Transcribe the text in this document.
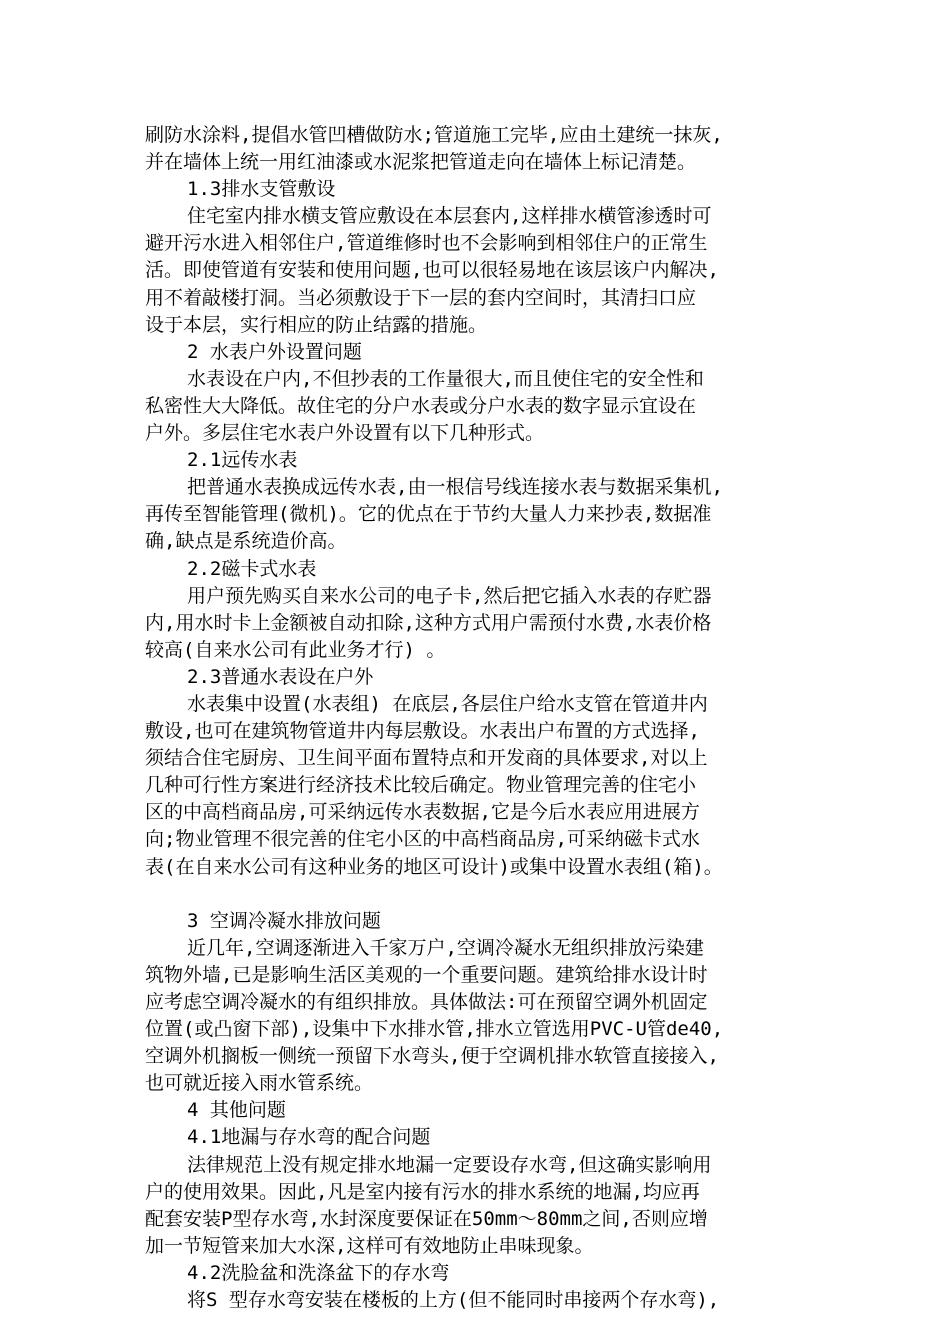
刷防水涂料,提倡水管凹槽做防水;管道施工完毕,应由土建统一抹灰,
并在墙体上统一用红油漆或水泥浆把管道走向在墙体上标记清楚。
1.3排水支管敷设
住宅室内排水横支管应敷设在本层套内,这样排水横管渗透时可
避开污水进入相邻住户,管道维修时也不会影响到相邻住户的正常生
活。即使管道有安装和使用问题,也可以很轻易地在该层该户内解决,
用不着敲楼打洞。当必须敷设于下一层的套内空间时，其清扫口应
设于本层，实行相应的防止结露的措施。
2 水表户外设置问题
水表设在户内,不但抄表的工作量很大,而且使住宅的安全性和
私密性大大降低。故住宅的分户水表或分户水表的数字显示宜设在
户外。多层住宅水表户外设置有以下几种形式。
2.1远传水表
把普通水表换成远传水表,由一根信号线连接水表与数据采集机,
再传至智能管理(微机)。它的优点在于节约大量人力来抄表,数据准
确,缺点是系统造价高。
2.2磁卡式水表
用户预先购买自来水公司的电子卡,然后把它插入水表的存贮器
内,用水时卡上金额被自动扣除,这种方式用户需预付水费,水表价格
较高(自来水公司有此业务才行) 。
2.3普通水表设在户外
水表集中设置(水表组) 在底层,各层住户给水支管在管道井内
敷设,也可在建筑物管道井内每层敷设。水表出户布置的方式选择,
须结合住宅厨房、卫生间平面布置特点和开发商的具体要求,对以上
几种可行性方案进行经济技术比较后确定。物业管理完善的住宅小
区的中高档商品房,可采纳远传水表数据,它是今后水表应用进展方
向;物业管理不很完善的住宅小区的中高档商品房,可采纳磁卡式水
表(在自来水公司有这种业务的地区可设计)或集中设置水表组(箱)。
3 空调冷凝水排放问题
近几年,空调逐渐进入千家万户,空调冷凝水无组织排放污染建
筑物外墙,已是影响生活区美观的一个重要问题。建筑给排水设计时
应考虑空调冷凝水的有组织排放。具体做法:可在预留空调外机固定
位置(或凸窗下部),设集中下水排水管,排水立管选用PVC-U管de40,
空调外机搁板一侧统一预留下水弯头,便于空调机排水软管直接接入,
也可就近接入雨水管系统。
4 其他问题
4.1地漏与存水弯的配合问题
法律规范上没有规定排水地漏一定要设存水弯,但这确实影响用
户的使用效果。因此,凡是室内接有污水的排水系统的地漏,均应再
配套安装P型存水弯,水封深度要保证在50mm～80mm之间,否则应增
加一节短管来加大水深,这样可有效地防止串味现象。
4.2洗脸盆和洗涤盆下的存水弯
将S 型存水弯安装在楼板的上方(但不能同时串接两个存水弯),
